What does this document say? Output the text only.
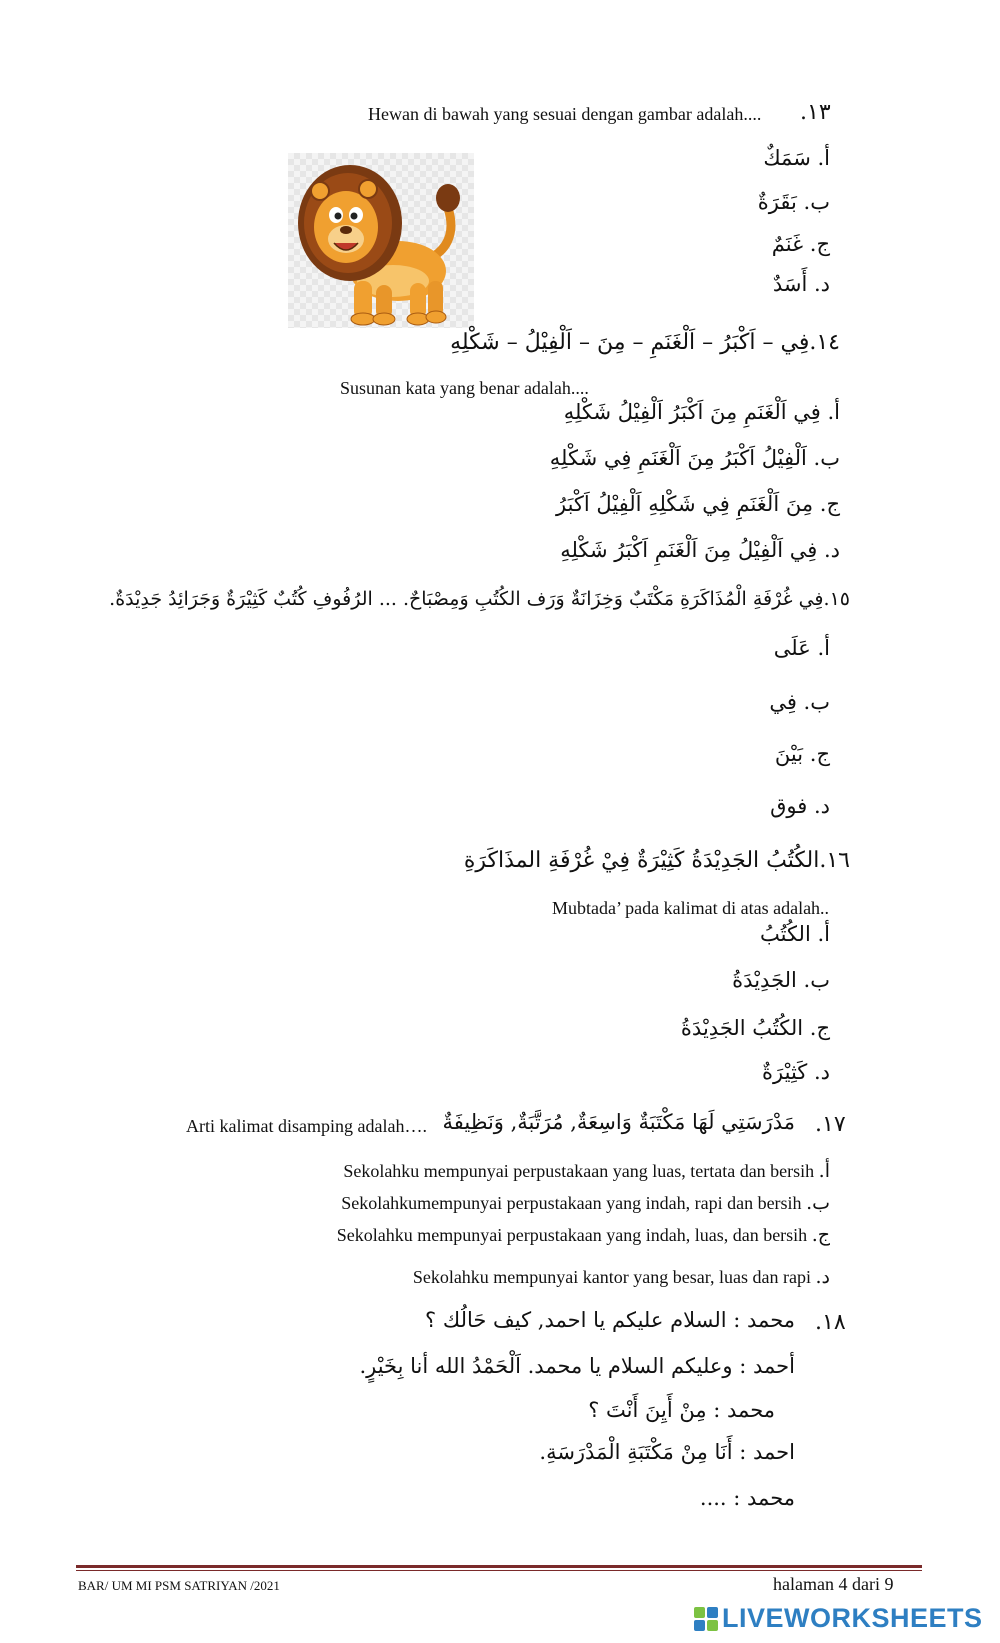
.١٣
Hewan di bawah yang sesuai dengan gambar adalah....
أ. سَمَكٌ
ب. بَقَرَةٌ
ج. غَنَمٌ
د. أَسَدٌ
١٤.فِي – اَكْبَرُ – اَلْغَنَمِ – مِنَ – اَلْفِيْلُ – شَكْلِهِ
Susunan kata yang benar adalah....
أ. فِي اَلْغَنَمِ مِنَ اَكْبَرُ اَلْفِيْلُ شَكْلِهِ
ب. اَلْفِيْلُ اَكْبَرُ مِنَ اَلْغَنَمِ فِي شَكْلِهِ
ج. مِنَ اَلْغَنَمِ فِي شَكْلِهِ اَلْفِيْلُ اَكْبَرُ
د. فِي اَلْفِيْلُ مِنَ اَلْغَنَمِ اَكْبَرُ شَكْلِهِ
١٥.فِي غُرْفَةِ الْمُذَاكَرَةِ مَكْتَبٌ وَخِزَانَةٌ وَرَف الكُتُبِ وَمِصْبَاحٌ. ... الرُفُوفِ كُتُبٌ كَثِيْرَةٌ وَجَرَائِدُ جَدِيْدَةٌ.
أ. عَلَى
ب. فِي
ج. بَيْنَ
د. فوق
١٦.الكُتُبُ الجَدِيْدَةُ كَثِيْرَةٌ فِيْ غُرْفَةِ المذَاكَرَةِ
Mubtada’ pada kalimat di atas adalah..
أ. الكُتُبُ
ب. الجَدِيْدَةُ
ج. الكُتُبُ الجَدِيْدَةُ
د. كَثِيْرَةٌ
.١٧
مَدْرَسَتِي لَهَا مَكْتَبَةٌ وَاسِعَةٌ, مُرَتَّبَةٌ, وَنَظِيفَةٌ
Arti kalimat disamping adalah….
Sekolahku mempunyai perpustakaan yang luas, tertata dan bersih .أ
Sekolahkumempunyai perpustakaan yang indah, rapi dan bersih .ب
Sekolahku mempunyai perpustakaan yang indah, luas, dan bersih .ج
Sekolahku mempunyai kantor yang besar, luas dan rapi .د
.١٨
محمد : السلام عليكم يا احمد, كيف حَالُك ؟
أحمد : وعليكم السلام يا محمد. اَلْحَمْدُ الله أنا بِخَيْرٍ.
محمد : مِنْ أَيِنَ أَنْتَ ؟
احمد : أَنَا مِنْ مَكْتَبَةِ الْمَدْرَسَةِ.
محمد : ....
BAR/ UM MI PSM SATRIYAN /2021	halaman 4 dari 9
LIVEWORKSHEETS
